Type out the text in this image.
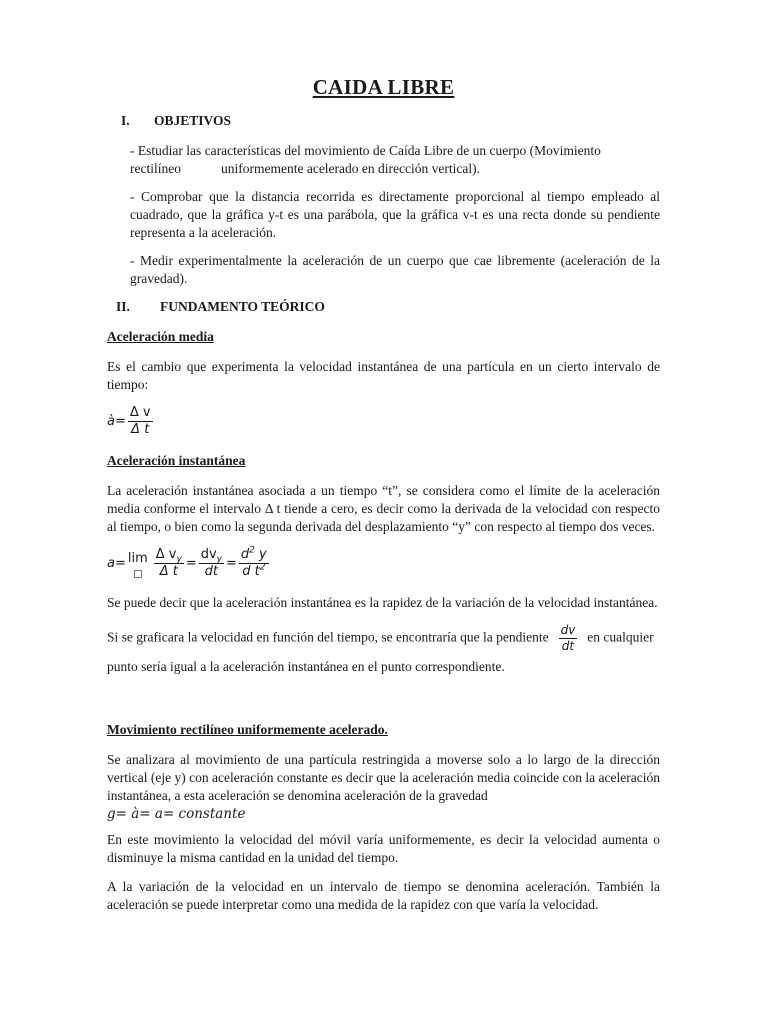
CAIDA LIBRE
I.	OBJETIVOS
- Estudiar las características del movimiento de Caída Libre de un cuerpo (Movimiento
rectilíneo	uniformemente acelerado en dirección vertical).
- Comprobar que la distancia recorrida es directamente proporcional al tiempo empleado al cuadrado, que la gráfica y-t es una parábola, que la gráfica v-t es una recta donde su pendiente representa a la aceleración.
- Medir experimentalmente la aceleración de un cuerpo que cae libremente (aceleración de la gravedad).
II.	FUNDAMENTO TEÓRICO
Aceleración media

Es el cambio que experimenta la velocidad instantánea de una partícula en un cierto intervalo de tiempo:

à = $\frac{\text{Δ v}}{\text{Δ t}}$
Aceleración instantánea

La aceleración instantánea asociada a un tiempo “t”, se considera como el límite de la aceleración media conforme el intervalo Δ t tiende a cero, es decir como la derivada de la velocidad con respecto al tiempo, o bien como la segunda derivada del desplazamiento “y” con respecto al tiempo dos veces.

$a = \lim \frac{\Delta v_y}{\text{Δ t}} = \frac{dv_y}{dt} = \frac{d^2 y}{d t^2}$

Se puede decir que la aceleración instantánea es la rapidez de la variación de la velocidad instantánea.

Si se graficara la velocidad en función del tiempo, se encontraría que la pendiente $\frac{dv}{dt}$ en cualquier

punto sería igual a la aceleración instantánea en el punto correspondiente.

Movimiento rectilíneo uniformemente acelerado.

Se analizara al movimiento de una partícula restringida a moverse solo a lo largo de la dirección vertical (eje y) con aceleración constante es decir que la aceleración media coincide con la aceleración instantánea, a esta aceleración se denomina aceleración de la gravedad
g= à= a= constante

En este movimiento la velocidad del móvil varía uniformemente, es decir la velocidad aumenta o disminuye la misma cantidad en la unidad del tiempo.

A la variación de la velocidad en un intervalo de tiempo se denomina aceleración. También la aceleración se puede interpretar como una medida de la rapidez con que varía la velocidad.
